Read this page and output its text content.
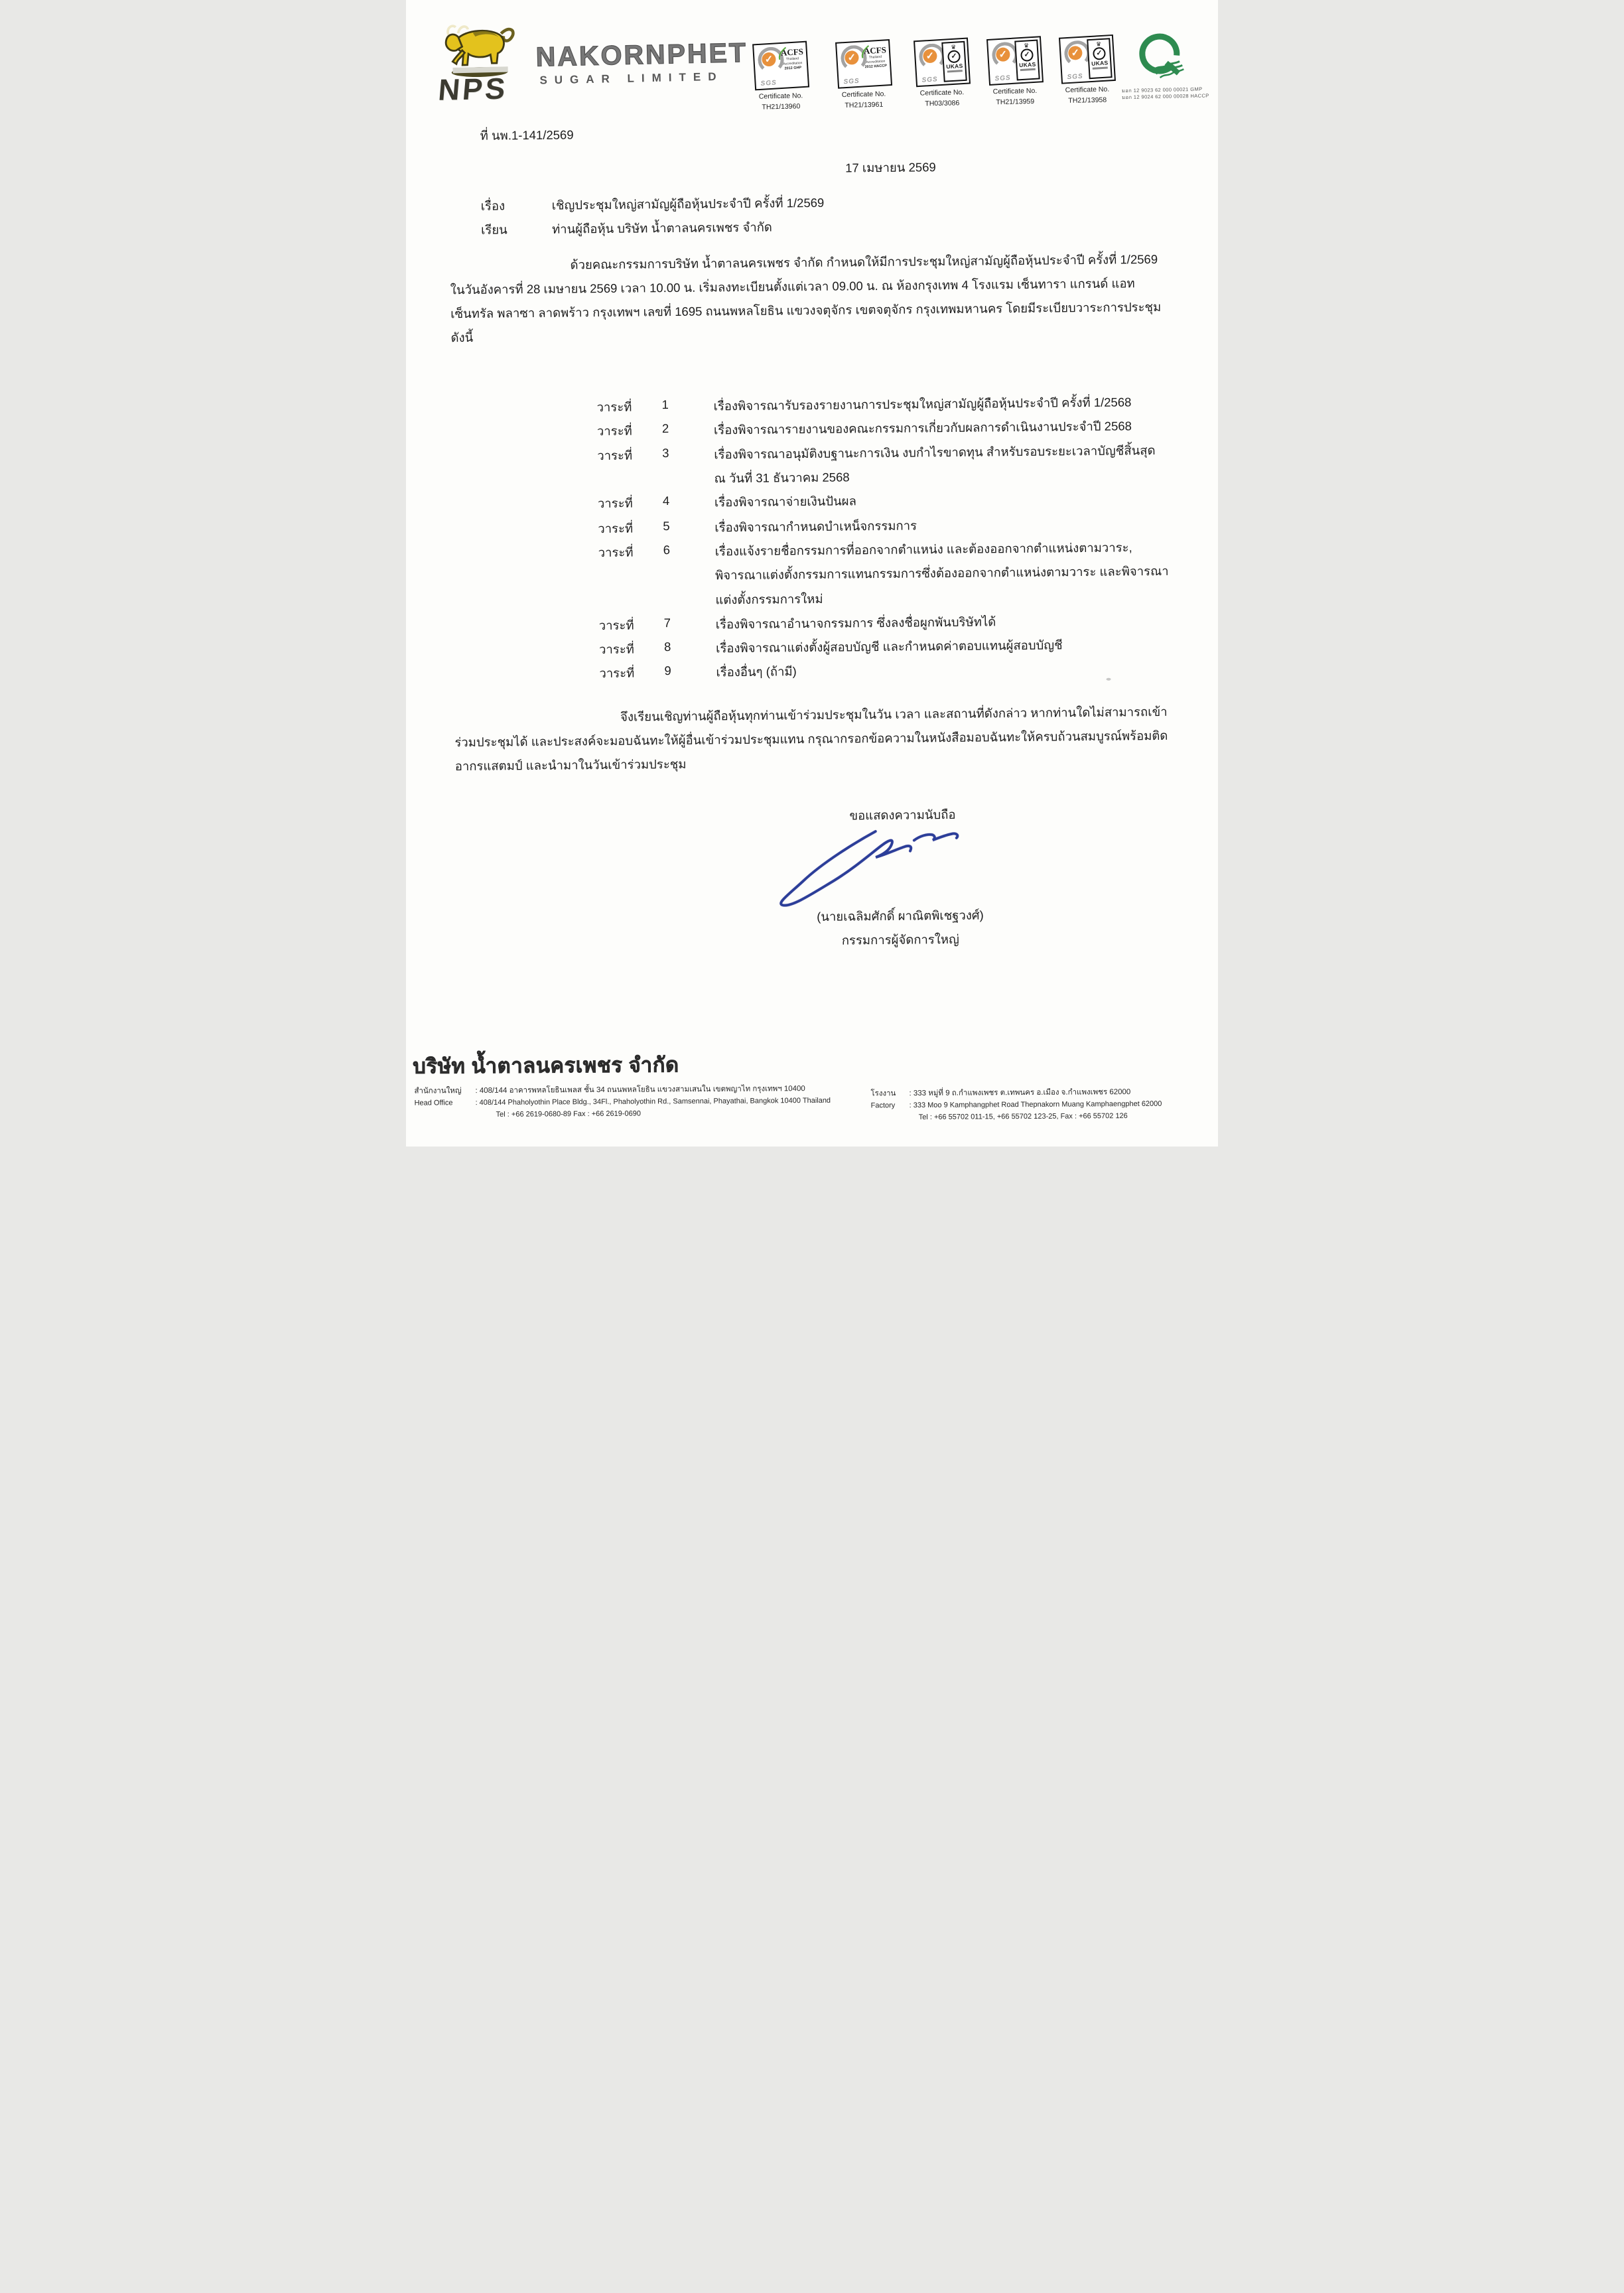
NPS
NAKORNPHET
SUGAR LIMITED
✓	SGS
ACFS
Thailand
Accreditation
2012 GHP
✓
SGS
ACFS
Thailand
Accreditation
2012 HACCP
✓
SGS
♛
✓
UKAS
✓
SGS
♛
✓
UKAS
✓
SGS
♛
✓
UKAS
Certificate No.
TH21/13960
Certificate No.
TH21/13961
Certificate No.
TH03/3086
Certificate No.
TH21/13959
Certificate No.
TH21/13958
มอก 12 9023 62 000 00021 GMP
มอก 12 9024 62 000 00028 HACCP
ที่ นพ.1-141/2569
17 เมษายน 2569
เรื่อง	เชิญประชุมใหญ่สามัญผู้ถือหุ้นประจำปี ครั้งที่ 1/2569
เรียน	ท่านผู้ถือหุ้น บริษัท น้ำตาลนครเพชร จำกัด
ด้วยคณะกรรมการบริษัท น้ำตาลนครเพชร จำกัด กำหนดให้มีการประชุมใหญ่สามัญผู้ถือหุ้นประจำปี ครั้งที่ 1/2569 ในวันอังคารที่ 28 เมษายน 2569 เวลา 10.00 น. เริ่มลงทะเบียนตั้งแต่เวลา 09.00 น. ณ ห้องกรุงเทพ 4 โรงแรม เซ็นทารา แกรนด์ แอท เซ็นทรัล พลาซา ลาดพร้าว กรุงเทพฯ เลขที่ 1695 ถนนพหลโยธิน แขวงจตุจักร เขตจตุจักร กรุงเทพมหานคร โดยมีระเบียบวาระการประชุมดังนี้
วาระที่ 1	เรื่องพิจารณารับรองรายงานการประชุมใหญ่สามัญผู้ถือหุ้นประจำปี ครั้งที่ 1/2568
วาระที่ 2	เรื่องพิจารณารายงานของคณะกรรมการเกี่ยวกับผลการดำเนินงานประจำปี 2568
วาระที่ 3	เรื่องพิจารณาอนุมัติงบฐานะการเงิน งบกำไรขาดทุน สำหรับรอบระยะเวลาบัญชีสิ้นสุด
ณ วันที่ 31 ธันวาคม 2568
วาระที่ 4	เรื่องพิจารณาจ่ายเงินปันผล
วาระที่ 5	เรื่องพิจารณากำหนดบำเหน็จกรรมการ
วาระที่ 6	เรื่องแจ้งรายชื่อกรรมการที่ออกจากตำแหน่ง และต้องออกจากตำแหน่งตามวาระ,
พิจารณาแต่งตั้งกรรมการแทนกรรมการซึ่งต้องออกจากตำแหน่งตามวาระ และพิจารณา
แต่งตั้งกรรมการใหม่
วาระที่ 7	เรื่องพิจารณาอำนาจกรรมการ ซึ่งลงชื่อผูกพันบริษัทได้
วาระที่ 8	เรื่องพิจารณาแต่งตั้งผู้สอบบัญชี และกำหนดค่าตอบแทนผู้สอบบัญชี
วาระที่ 9	เรื่องอื่นๆ (ถ้ามี)
จึงเรียนเชิญท่านผู้ถือหุ้นทุกท่านเข้าร่วมประชุมในวัน เวลา และสถานที่ดังกล่าว หากท่านใดไม่สามารถเข้าร่วมประชุมได้ และประสงค์จะมอบฉันทะให้ผู้อื่นเข้าร่วมประชุมแทน กรุณากรอกข้อความในหนังสือมอบฉันทะให้ครบถ้วนสมบูรณ์พร้อมติดอากรแสตมป์ และนำมาในวันเข้าร่วมประชุม
ขอแสดงความนับถือ
(นายเฉลิมศักดิ์ ผาณิตพิเชฐวงศ์)
กรรมการผู้จัดการใหญ่
บริษัท น้ำตาลนครเพชร จำกัด
สำนักงานใหญ่ : 408/144 อาคารพหลโยธินเพลส ชั้น 34 ถนนพหลโยธิน แขวงสามเสนใน เขตพญาไท กรุงเทพฯ 10400
Head Office	: 408/144 Phaholyothin Place Bldg., 34Fl., Phaholyothin Rd., Samsennai, Phayathai, Bangkok 10400 Thailand
Tel : +66 2619-0680-89 Fax : +66 2619-0690
โรงงาน : 333 หมู่ที่ 9 ถ.กำแพงเพชร ต.เทพนคร อ.เมือง จ.กำแพงเพชร 62000
Factory : 333 Moo 9 Kamphangphet Road Thepnakorn Muang Kamphaengphet 62000
Tel : +66 55702 011-15, +66 55702 123-25, Fax : +66 55702 126
